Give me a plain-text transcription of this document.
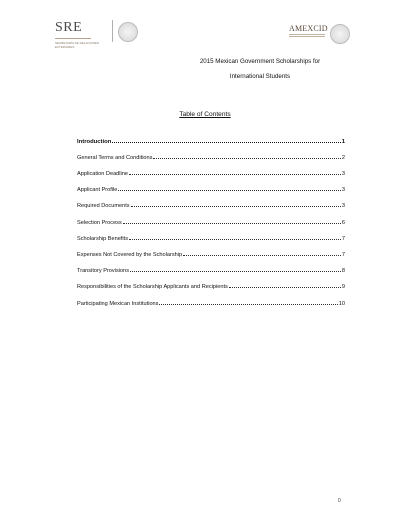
SRE
SECRETARÍA DE RELACIONES EXTERIORES
AMEXCID
2015 Mexican Government Scholarships for
International Students
Table of Contents
Introduction	1
General Terms and Conditions	2
Application Deadline	3
Applicant Profile	3
Required Documents	3
Selection Process	6
Scholarship Benefits	7
Expenses Not Covered by the Scholarship	7
Transitory Provisions	8
Responsibilities of the Scholarship Applicants and Recipients	9
Participating Mexican Institutions	10
0
